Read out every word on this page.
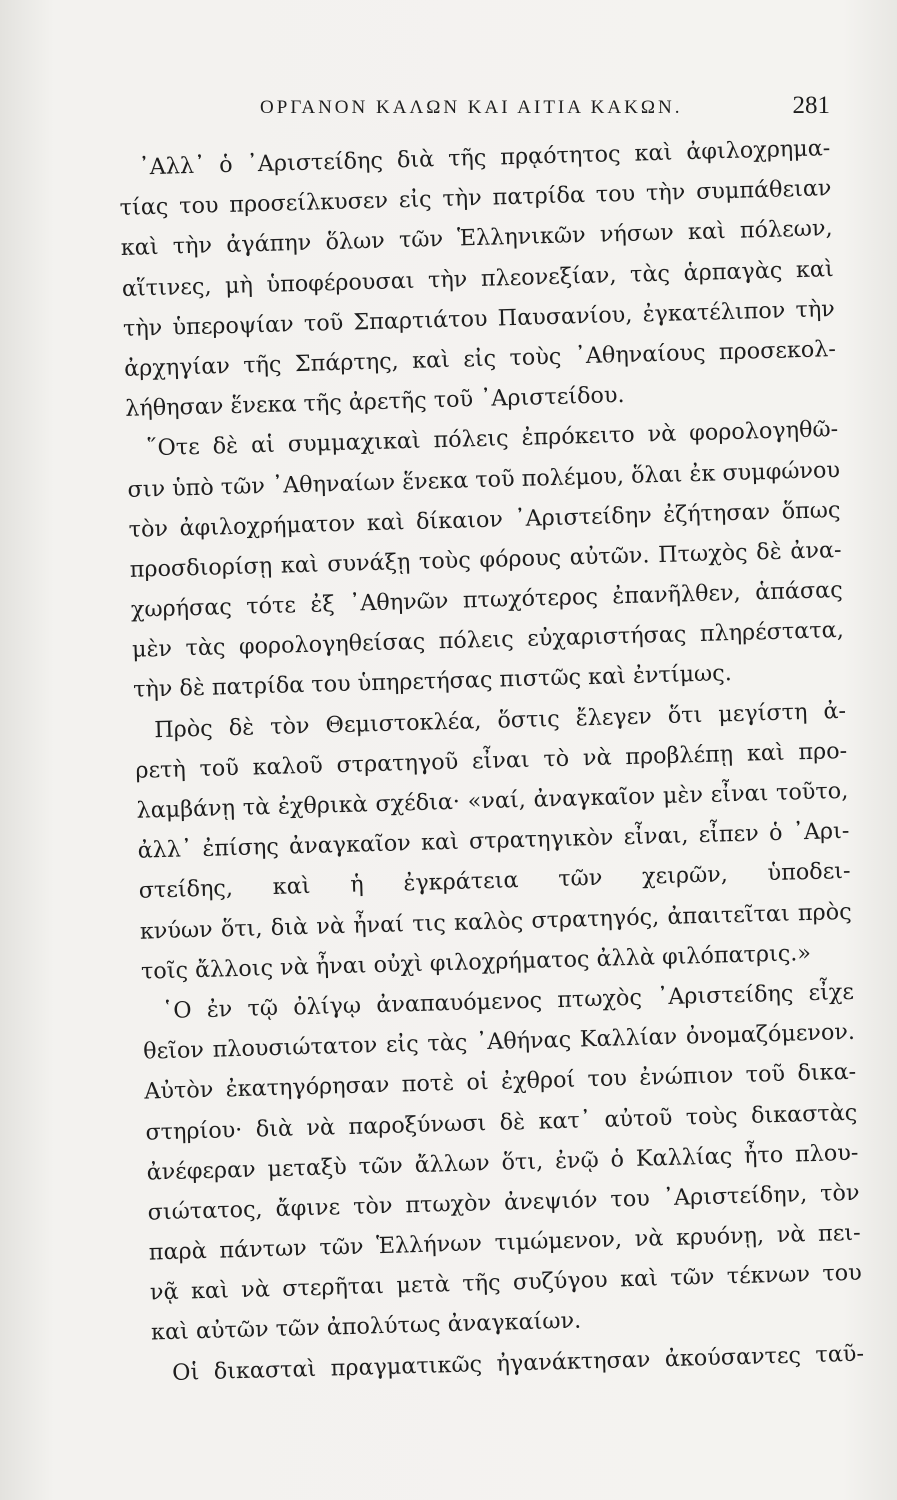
ΟΡΓΑΝΟΝ ΚΑΛΩΝ ΚΑΙ ΑΙΤΙΑ ΚΑΚΩΝ.	281
᾿Αλλ᾿ ὁ ᾿Αριστείδης διὰ τῆς πρᾳότητος καὶ ἀφιλοχρημα-
τίας του προσείλκυσεν εἰς τὴν πατρίδα του τὴν συμπάθειαν
καὶ τὴν ἀγάπην ὅλων τῶν Ἑλληνικῶν νήσων καὶ πόλεων,
αἵτινες, μὴ ὑποφέρουσαι τὴν πλεονεξίαν, τὰς ἁρπαγὰς καὶ
τὴν ὑπεροψίαν τοῦ Σπαρτιάτου Παυσανίου, ἐγκατέλιπον τὴν
ἀρχηγίαν τῆς Σπάρτης, καὶ εἰς τοὺς ᾿Αθηναίους προσεκολ-
λήθησαν ἕνεκα τῆς ἀρετῆς τοῦ ᾿Αριστείδου.
῞Οτε δὲ αἱ συμμαχικαὶ πόλεις ἐπρόκειτο νὰ φορολογηθῶ-
σιν ὑπὸ τῶν ᾿Αθηναίων ἕνεκα τοῦ πολέμου, ὅλαι ἐκ συμφώνου
τὸν ἀφιλοχρήματον καὶ δίκαιον ᾿Αριστείδην ἐζήτησαν ὅπως
προσδιορίσῃ καὶ συνάξῃ τοὺς φόρους αὐτῶν. Πτωχὸς δὲ ἀνα-
χωρήσας τότε ἐξ ᾿Αθηνῶν πτωχότερος ἐπανῆλθεν, ἁπάσας
μὲν τὰς φορολογηθείσας πόλεις εὐχαριστήσας πληρέστατα,
τὴν δὲ πατρίδα του ὑπηρετήσας πιστῶς καὶ ἐντίμως.
Πρὸς δὲ τὸν Θεμιστοκλέα, ὅστις ἔλεγεν ὅτι μεγίστη ἀ-
ρετὴ τοῦ καλοῦ στρατηγοῦ εἶναι τὸ νὰ προβλέπῃ καὶ προ-
λαμβάνῃ τὰ ἐχθρικὰ σχέδια· «ναί, ἀναγκαῖον μὲν εἶναι τοῦτο,
ἀλλ᾿ ἐπίσης ἀναγκαῖον καὶ στρατηγικὸν εἶναι, εἶπεν ὁ ᾿Αρι-
στείδης, καὶ ἡ ἐγκράτεια τῶν χειρῶν, ὑποδει-
κνύων ὅτι, διὰ νὰ ἦναί τις καλὸς στρατηγός, ἀπαιτεῖται πρὸς
τοῖς ἄλλοις νὰ ἦναι οὐχὶ φιλοχρήματος ἀλλὰ φιλόπατρις.»
῾Ο ἐν τῷ ὀλίγῳ ἀναπαυόμενος πτωχὸς ᾿Αριστείδης εἶχε
θεῖον πλουσιώτατον εἰς τὰς ᾿Αθήνας Καλλίαν ὀνομαζόμενον.
Αὐτὸν ἐκατηγόρησαν ποτὲ οἱ ἐχθροί του ἐνώπιον τοῦ δικα-
στηρίου· διὰ νὰ παροξύνωσι δὲ κατ᾿ αὐτοῦ τοὺς δικαστὰς
ἀνέφεραν μεταξὺ τῶν ἄλλων ὅτι, ἐνῷ ὁ Καλλίας ἦτο πλου-
σιώτατος, ἄφινε τὸν πτωχὸν ἀνεψιόν του ᾿Αριστείδην, τὸν
παρὰ πάντων τῶν Ἑλλήνων τιμώμενον, νὰ κρυόνῃ, νὰ πει-
νᾷ καὶ νὰ στερῆται μετὰ τῆς συζύγου καὶ τῶν τέκνων του
καὶ αὐτῶν τῶν ἀπολύτως ἀναγκαίων.
Οἱ δικασταὶ πραγματικῶς ἠγανάκτησαν ἀκούσαντες ταῦ-
